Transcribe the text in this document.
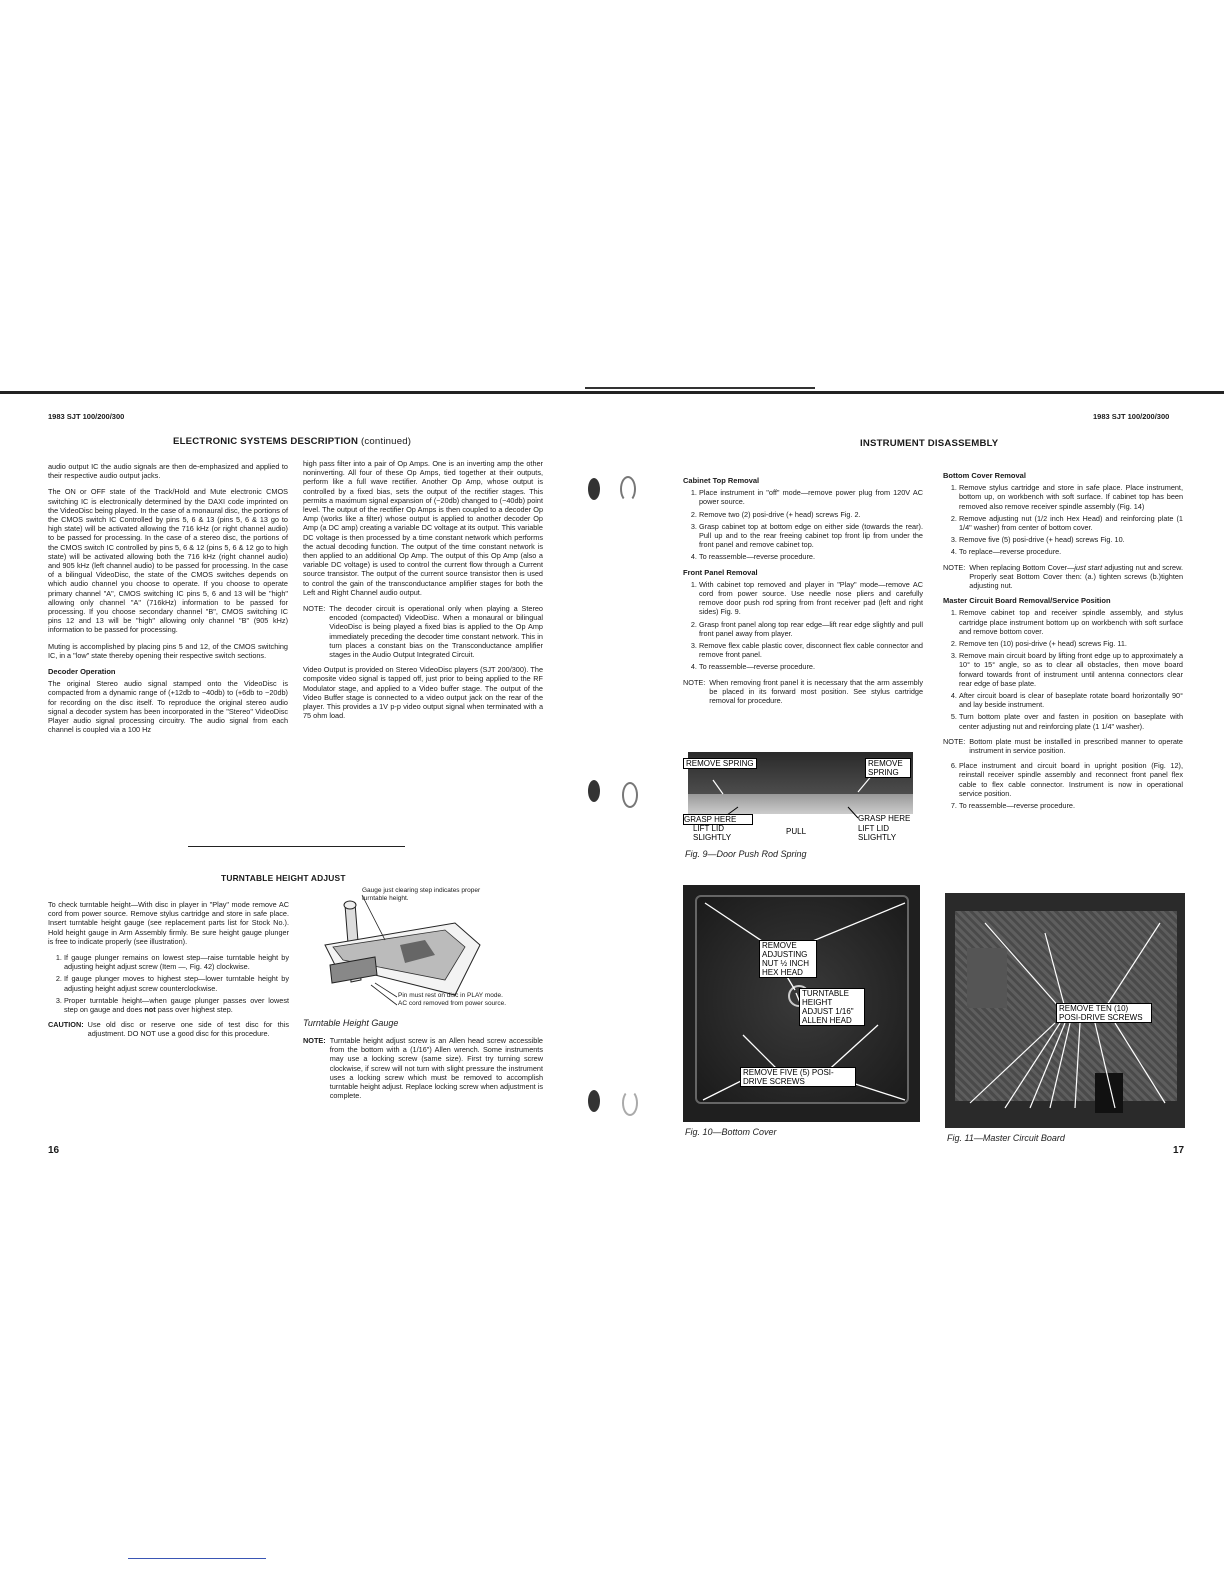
1983 SJT 100/200/300
ELECTRONIC SYSTEMS DESCRIPTION (continued)

audio output IC the audio signals are then de-emphasized and applied to their respective audio output jacks.

The ON or OFF state of the Track/Hold and Mute electronic CMOS switching IC is electronically determined by the DAXI code imprinted on the VideoDisc being played. In the case of a monaural disc, the portions of the CMOS switch IC Controlled by pins 5, 6 & 13 (pins 5, 6 & 13 go to high state) will be activated allowing the 716 kHz (or right channel audio) to be passed for processing. In the case of a stereo disc, the portions of the CMOS switch IC controlled by pins 5, 6 & 12 (pins 5, 6 & 12 go to high state) will be activated allowing both the 716 kHz (right channel audio) and 905 kHz (left channel audio) to be passed for processing. In the case of a bilingual VideoDisc, the state of the CMOS switches depends on which audio channel you choose to operate. If you choose to operate primary channel "A", CMOS switching IC pins 5, 6 and 13 will be "high" allowing only channel "A" (716kHz) information to be passed for processing. If you choose secondary channel "B", CMOS switching IC pins 12 and 13 will be "high" allowing only channel "B" (905 kHz) information to be passed for processing.

Muting is accomplished by placing pins 5 and 12, of the CMOS switching IC, in a "low" state thereby opening their respective switch sections.

Decoder Operation

The original Stereo audio signal stamped onto the VideoDisc is compacted from a dynamic range of (+12db to −40db) to (+6db to −20db) for recording on the disc itself. To reproduce the original stereo audio signal a decoder system has been incorporated in the "Stereo" VideoDisc Player audio signal processing circuitry. The audio signal from each channel is coupled via a 100 Hz

high pass filter into a pair of Op Amps. One is an inverting amp the other noninverting. All four of these Op Amps, tied together at their outputs, perform like a full wave rectifier. Another Op Amp, whose output is controlled by a fixed bias, sets the output of the rectifier stages. This permits a maximum signal expansion of (−20db) changed to (−40db) point level. The output of the rectifier Op Amps is then coupled to a decoder Op Amp (works like a filter) whose output is applied to another decoder Op Amp (a DC amp) creating a variable DC voltage at its output. This variable DC voltage is then processed by a time constant network which performs the actual decoding function. The output of the time constant network is then applied to an additional Op Amp. The output of this Op Amp (also a variable DC voltage) is used to control the current flow through a Current source transistor. The output of the current source transistor then is used to control the gain of the transconductance amplifier stages for both the Left and Right Channel audio output.

NOTE: The decoder circuit is operational only when playing a Stereo encoded (compacted) VideoDisc. When a monaural or bilingual VideoDisc is being played a fixed bias is applied to the Op Amp immediately preceding the decoder time constant network. This in turn places a constant bias on the Transconductance amplifier stages in the Audio Output Integrated Circuit.

Video Output is provided on Stereo VideoDisc players (SJT 200/300). The composite video signal is tapped off, just prior to being applied to the RF Modulator stage, and applied to a Video buffer stage. The output of the Video Buffer stage is connected to a video output jack on the rear of the player. This provides a 1V p-p video output signal when terminated with a 75 ohm load.

TURNTABLE HEIGHT ADJUST

To check turntable height—With disc in player in "Play" mode remove AC cord from power source. Remove stylus cartridge and store in safe place. Insert turntable height gauge (see replacement parts list for Stock No.). Hold height gauge in Arm Assembly firmly. Be sure height gauge plunger is free to indicate properly (see illustration).

1. If gauge plunger remains on lowest step—raise turntable height by adjusting height adjust screw (Item —, Fig. 42) clockwise.
2. If gauge plunger moves to highest step—lower turntable height by adjusting height adjust screw counterclockwise.
3. Proper turntable height—when gauge plunger passes over lowest step on gauge and does not pass over highest step.
CAUTION: Use old disc or reserve one side of test disc for this adjustment. DO NOT use a good disc for this procedure.
Gauge just clearing step indicates proper turntable height.
Pin must rest on disc in PLAY mode.
AC cord removed from power source.
Turntable Height Gauge
NOTE: Turntable height adjust screw is an Allen head screw accessible from the bottom with a (1/16") Allen wrench. Some instruments may use a locking screw (same size). First try turning screw clockwise, if screw will not turn with slight pressure the instrument uses a locking screw which must be removed to accomplish turntable height adjust. Replace locking screw when adjustment is complete.
16
1983 SJT 100/200/300
INSTRUMENT DISASSEMBLY
Cabinet Top Removal
1. Place instrument in "off" mode—remove power plug from 120V AC power source.
2. Remove two (2) posi-drive (+ head) screws Fig. 2.
3. Grasp cabinet top at bottom edge on either side (towards the rear). Pull up and to the rear freeing cabinet top front lip from under the front panel and remove cabinet top.
4. To reassemble—reverse procedure.
Front Panel Removal
1. With cabinet top removed and player in "Play" mode—remove AC cord from power source. Use needle nose pliers and carefully remove door push rod spring from front receiver pad (left and right sides) Fig. 9.
2. Grasp front panel along top rear edge—lift rear edge slightly and pull front panel away from player.
3. Remove flex cable plastic cover, disconnect flex cable connector and remove front panel.
4. To reassemble—reverse procedure.
NOTE: When removing front panel it is necessary that the arm assembly be placed in its forward most position. See stylus cartridge removal for procedure.
REMOVE SPRING	REMOVE SPRING
GRASP HERE
LIFT LID SLIGHTLY
PULL
GRASP HERE
LIFT LID SLIGHTLY
Fig. 9—Door Push Rod Spring
Bottom Cover Removal
1. Remove stylus cartridge and store in safe place. Place instrument, bottom up, on workbench with soft surface. If cabinet top has been removed also remove receiver spindle assembly (Fig. 14)
2. Remove adjusting nut (1/2 inch Hex Head) and reinforcing plate (1 1/4" washer) from center of bottom cover.
3. Remove five (5) posi-drive (+ head) screws Fig. 10.
4. To replace—reverse procedure.
NOTE: When replacing Bottom Cover—just start adjusting nut and screw. Properly seat Bottom Cover then: (a.) tighten screws (b.)tighten adjusting nut.
Master Circuit Board Removal/Service Position
1. Remove cabinet top and receiver spindle assembly, and stylus cartridge place instrument bottom up on workbench with soft surface and remove bottom cover.
2. Remove ten (10) posi-drive (+ head) screws Fig. 11.
3. Remove main circuit board by lifting front edge up to approximately a 10° to 15° angle, so as to clear all obstacles, then move board forward towards front of instrument until antenna connectors clear rear edge of base plate.
4. After circuit board is clear of baseplate rotate board horizontally 90° and lay beside instrument.
5. Turn bottom plate over and fasten in position on baseplate with center adjusting nut and reinforcing plate (1 1/4" washer).
NOTE: Bottom plate must be installed in prescribed manner to operate instrument in service position.
6. Place instrument and circuit board in upright position (Fig. 12), reinstall receiver spindle assembly and reconnect front panel flex cable to flex cable connector. Instrument is now in operational service position.
7. To reassemble—reverse procedure.
REMOVE ADJUSTING NUT ½ INCH HEX HEAD
TURNTABLE HEIGHT ADJUST 1/16" ALLEN HEAD
REMOVE FIVE (5) POSI-DRIVE SCREWS
Fig. 10—Bottom Cover
REMOVE TEN (10) POSI-DRIVE SCREWS
Fig. 11—Master Circuit Board
17
